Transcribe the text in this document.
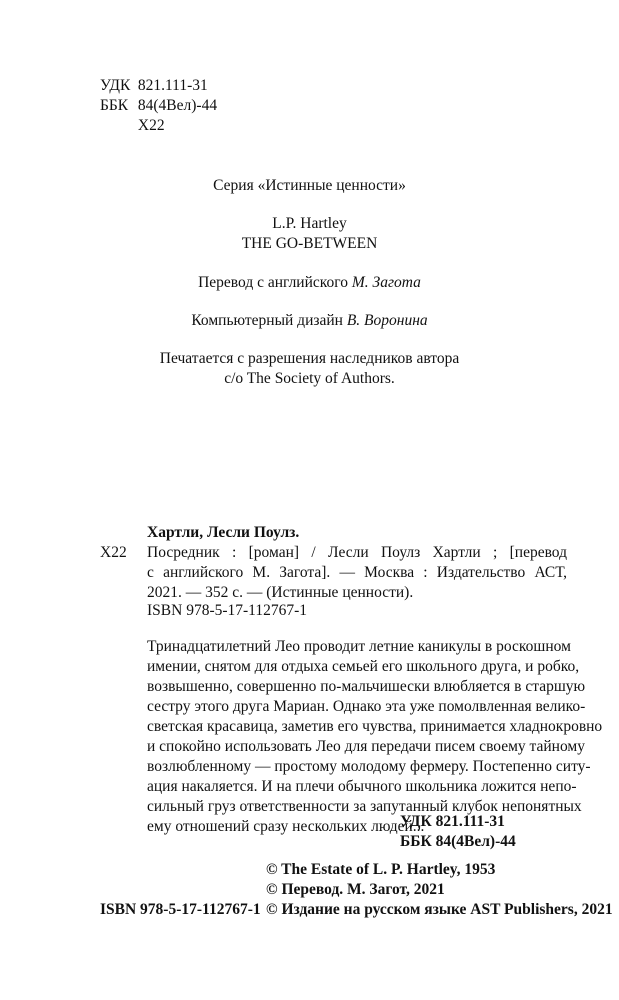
УДК 821.111-31
ББК 84(4Вел)-44
Х22
Серия «Истинные ценности»
L.P. Hartley
THE GO-BETWEEN
Перевод с английского М. Загота
Компьютерный дизайн В. Воронина
Печатается с разрешения наследников автора
c/o The Society of Authors.
Хартли, Лесли Поулз.
Х22 Посредник : [роман] / Лесли Поулз Хартли ; [перевод
с английского М. Загота]. — Москва : Издательство АСТ,
2021. — 352 с. — (Истинные ценности).
ISBN 978-5-17-112767-1
Тринадцатилетний Лео проводит летние каникулы в роскошном
имении, снятом для отдыха семьей его школьного друга, и робко,
возвышенно, совершенно по-мальчишески влюбляется в старшую
сестру этого друга Мариан. Однако эта уже помолвленная велико-
светская красавица, заметив его чувства, принимается хладнокровно
и спокойно использовать Лео для передачи писем своему тайному
возлюбленному — простому молодому фермеру. Постепенно ситу-
ация накаляется. И на плечи обычного школьника ложится непо-
сильный груз ответственности за запутанный клубок непонятных
ему отношений сразу нескольких людей...
УДК 821.111-31
ББК 84(4Вел)-44
© The Estate of L. P. Hartley, 1953
© Перевод. М. Загот, 2021
© Издание на русском языке AST Publishers, 2021
ISBN 978-5-17-112767-1
